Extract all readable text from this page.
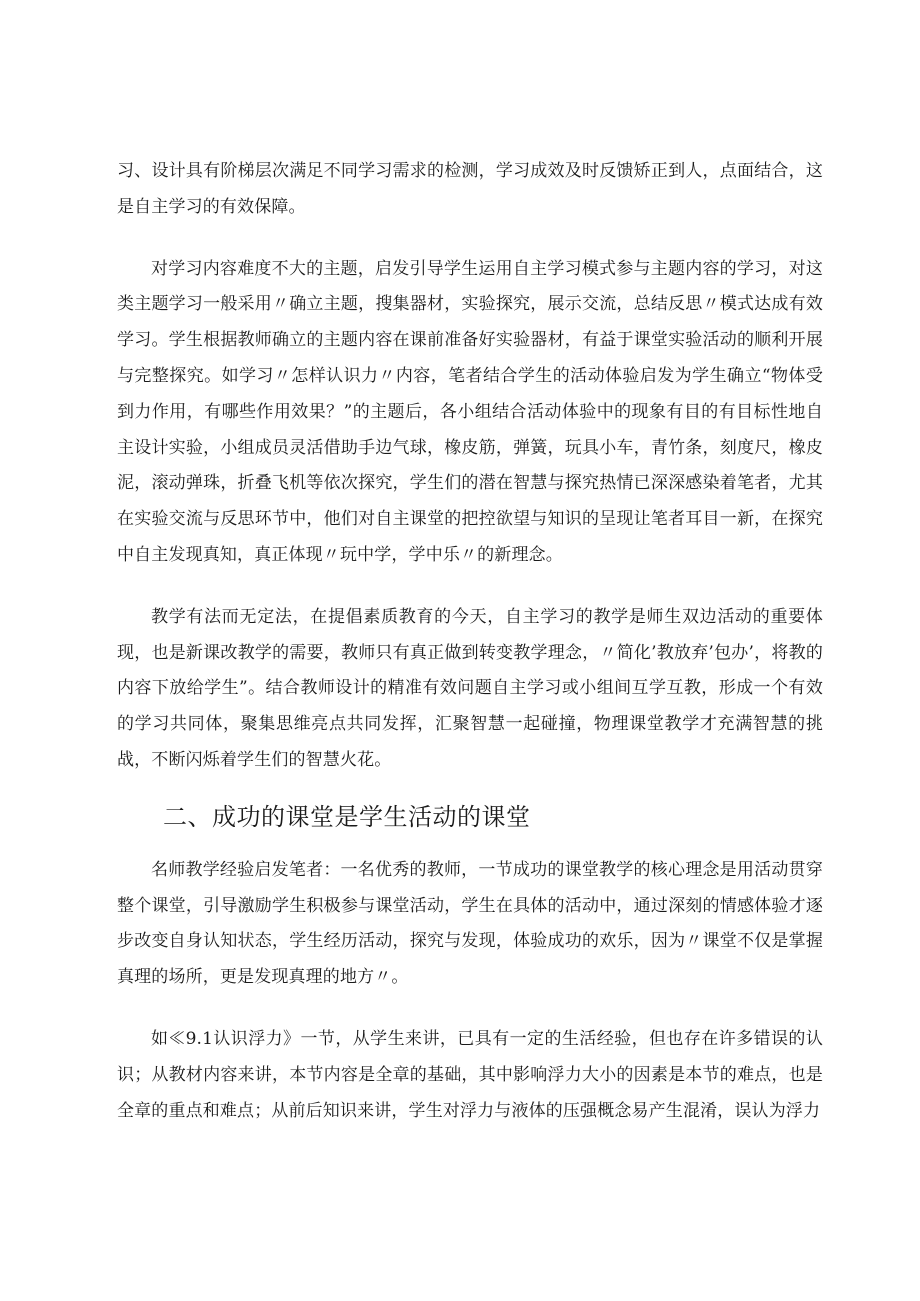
习、设计具有阶梯层次满足不同学习需求的检测，学习成效及时反馈矫正到人，点面结合，这是自主学习的有效保障。

对学习内容难度不大的主题，启发引导学生运用自主学习模式参与主题内容的学习，对这类主题学习一般采用〃确立主题，搜集器材，实验探究，展示交流，总结反思〃模式达成有效学习。学生根据教师确立的主题内容在课前准备好实验器材，有益于课堂实验活动的顺利开展与完整探究。如学习〃怎样认识力〃内容，笔者结合学生的活动体验启发为学生确立“物体受到力作用，有哪些作用效果？”的主题后，各小组结合活动体验中的现象有目的有目标性地自主设计实验，小组成员灵活借助手边气球，橡皮筋，弹簧，玩具小车，青竹条，刻度尺，橡皮泥，滚动弹珠，折叠飞机等依次探究，学生们的潜在智慧与探究热情已深深感染着笔者，尤其在实验交流与反思环节中，他们对自主课堂的把控欲望与知识的呈现让笔者耳目一新，在探究中自主发现真知，真正体现〃玩中学，学中乐〃的新理念。

教学有法而无定法，在提倡素质教育的今天，自主学习的教学是师生双边活动的重要体现，也是新课改教学的需要，教师只有真正做到转变教学理念，〃简化’教放弃’包办’，将教的内容下放给学生”。结合教师设计的精准有效问题自主学习或小组间互学互教，形成一个有效的学习共同体，聚集思维亮点共同发挥，汇聚智慧一起碰撞，物理课堂教学才充满智慧的挑战，不断闪烁着学生们的智慧火花。

二、成功的课堂是学生活动的课堂

名师教学经验启发笔者：一名优秀的教师，一节成功的课堂教学的核心理念是用活动贯穿整个课堂，引导激励学生积极参与课堂活动，学生在具体的活动中，通过深刻的情感体验才逐步改变自身认知状态，学生经历活动，探究与发现，体验成功的欢乐，因为〃课堂不仅是掌握真理的场所，更是发现真理的地方〃。

如≪9.1认识浮力》一节，从学生来讲，已具有一定的生活经验，但也存在许多错误的认识；从教材内容来讲，本节内容是全章的基础，其中影响浮力大小的因素是本节的难点，也是全章的重点和难点；从前后知识来讲，学生对浮力与液体的压强概念易产生混淆，误认为浮力
